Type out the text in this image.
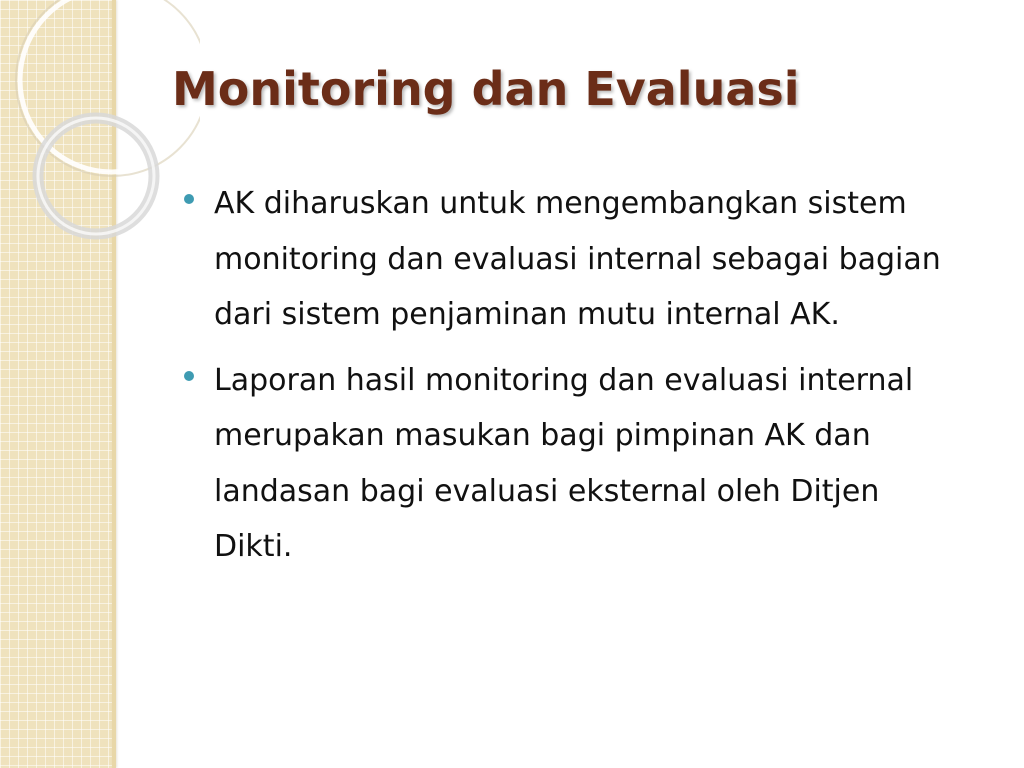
Monitoring dan Evaluasi
AK diharuskan untuk mengembangkan sistem monitoring dan evaluasi internal sebagai bagian dari sistem penjaminan mutu internal AK.
Laporan hasil monitoring dan evaluasi internal merupakan masukan bagi pimpinan AK dan landasan bagi evaluasi eksternal oleh Ditjen Dikti.
